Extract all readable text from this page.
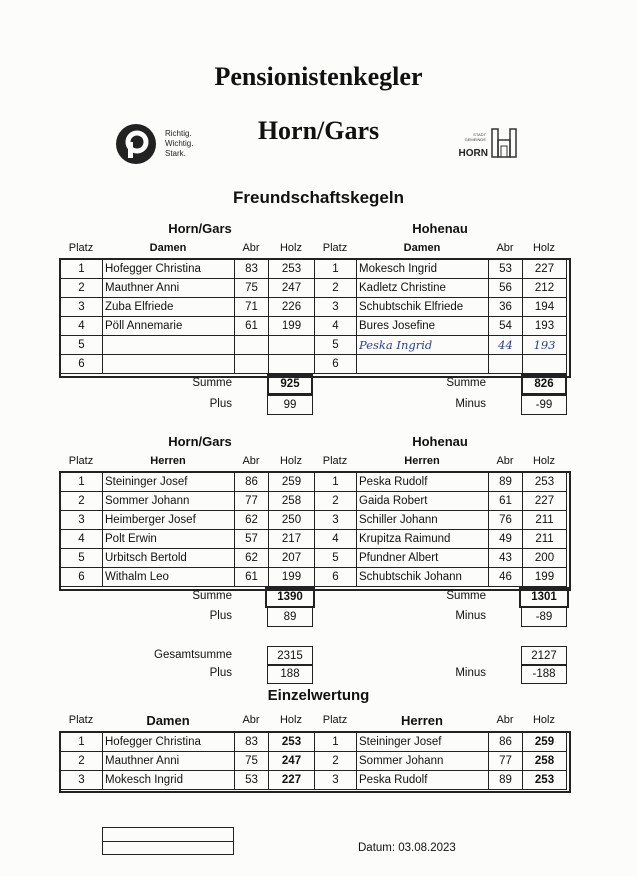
Pensionistenkegler
Horn/Gars
Richtig.
Wichtig.
Stark.
STADT
GEMEINDE
HORN
Freundschaftskegeln
Horn/Gars	Hohenau
Platz	Damen	Abr	Holz	Platz	Damen	Abr	Holz
1	Hofegger Christina	83	253	1	Mokesch Ingrid	53	227
2	Mauthner Anni	75	247	2	Kadletz Christine	56	212
3	Zuba Elfriede	71	226	3	Schubtschik Elfriede	36	194
4	Pöll Annemarie	61	199	4	Bures Josefine	54	193
5				5	Peska Ingrid	44	193
6				6			
Summe	925
Plus	99
Summe	826
Minus	-99
Horn/Gars	Hohenau
Platz	Herren	Abr	Holz	Platz	Herren	Abr	Holz
1	Steininger Josef	86	259	1	Peska Rudolf	89	253
2	Sommer Johann	77	258	2	Gaida Robert	61	227
3	Heimberger Josef	62	250	3	Schiller Johann	76	211
4	Polt Erwin	57	217	4	Krupitza Raimund	49	211
5	Urbitsch Bertold	62	207	5	Pfundner Albert	43	200
6	Withalm Leo	61	199	6	Schubtschik Johann	46	199
Summe	1390
Plus	89
Summe	1301
Minus	-89
Gesamtsumme	2315	2127
Plus	188	Minus	-188
Einzelwertung
Platz	Damen	Abr	Holz	Platz	Herren	Abr	Holz
1	Hofegger Christina	83	253	1	Steininger Josef	86	259
2	Mauthner Anni	75	247	2	Sommer Johann	77	258
3	Mokesch Ingrid	53	227	3	Peska Rudolf	89	253
Datum: 03.08.2023
